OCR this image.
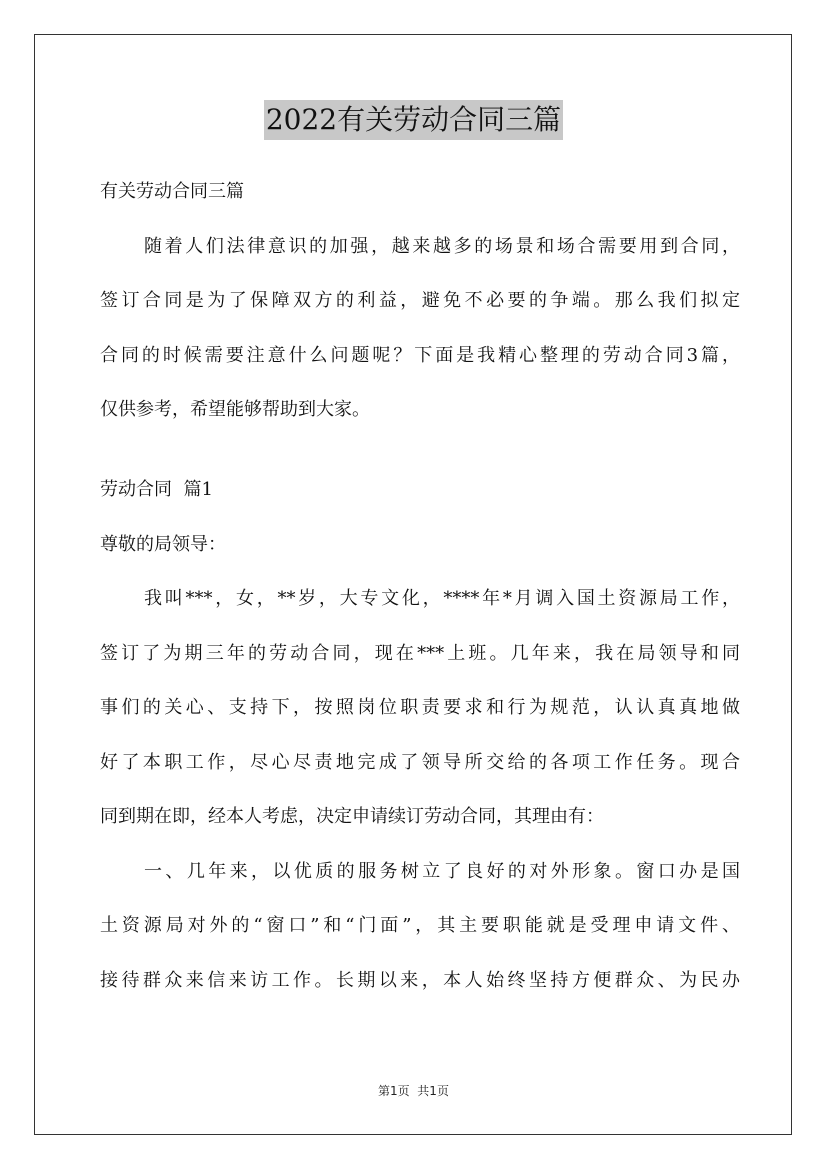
2022有关劳动合同三篇
有关劳动合同三篇
随着人们法律意识的加强，越来越多的场景和场合需要用到合同，
签订合同是为了保障双方的利益，避免不必要的争端。那么我们拟定
合同的时候需要注意什么问题呢？下面是我精心整理的劳动合同3篇，
仅供参考，希望能够帮助到大家。
劳动合同  篇1
尊敬的局领导：
我叫***，女，**岁，大专文化，****年*月调入国土资源局工作，
签订了为期三年的劳动合同，现在***上班。几年来，我在局领导和同
事们的关心、支持下，按照岗位职责要求和行为规范，认认真真地做
好了本职工作，尽心尽责地完成了领导所交给的各项工作任务。现合
同到期在即，经本人考虑，决定申请续订劳动合同，其理由有：
一、几年来，以优质的服务树立了良好的对外形象。窗口办是国
土资源局对外的“窗口”和“门面”，其主要职能就是受理申请文件、
接待群众来信来访工作。长期以来，本人始终坚持方便群众、为民办
第1页  共1页
